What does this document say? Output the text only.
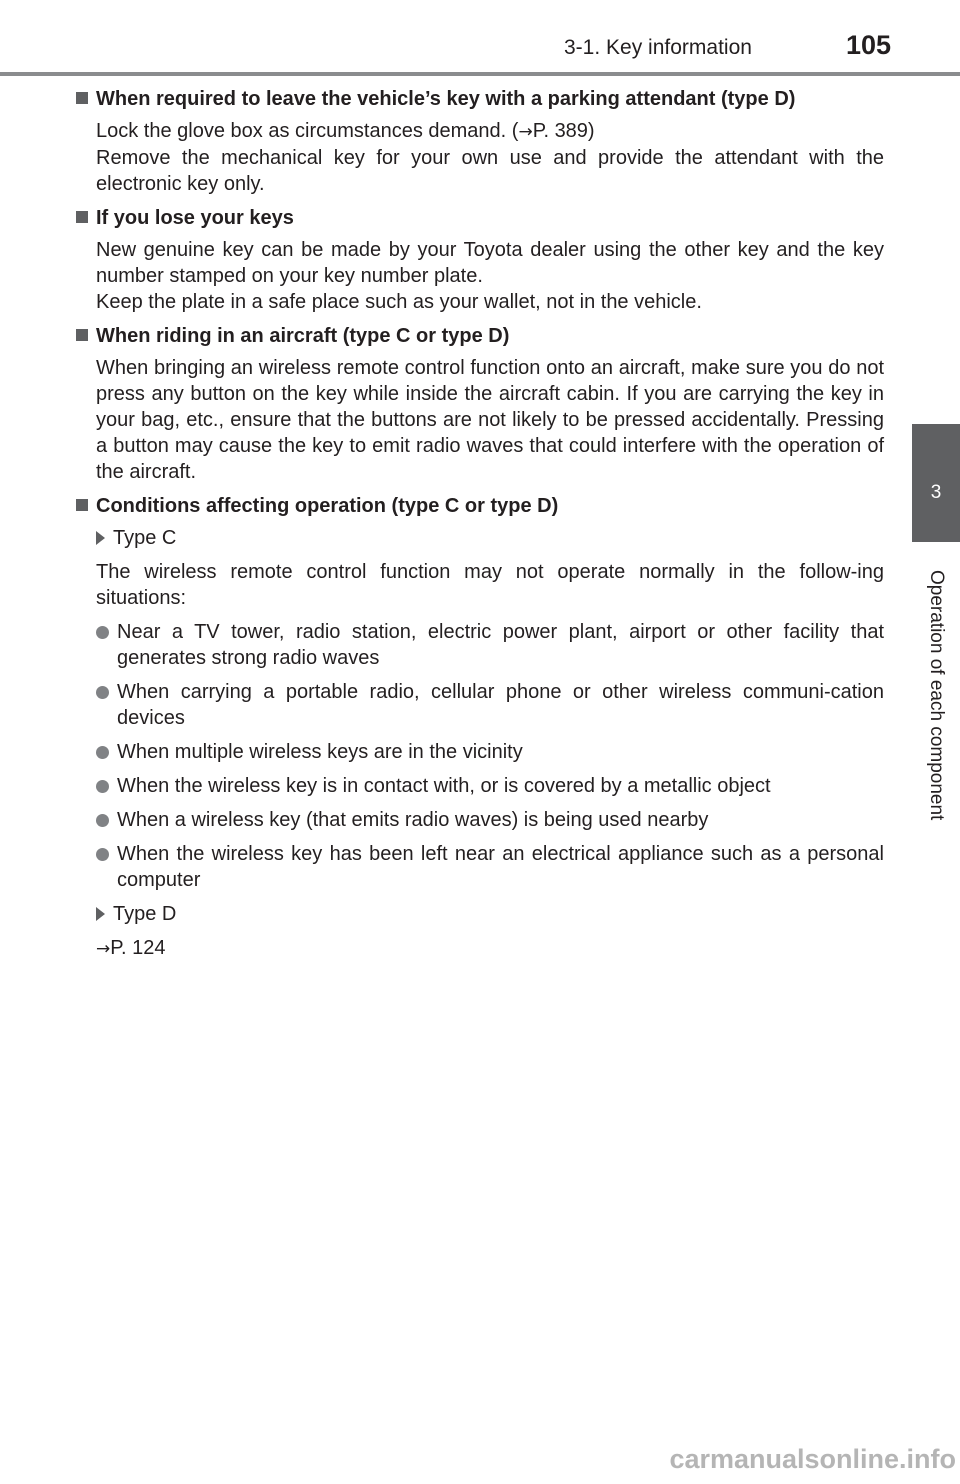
3-1. Key information	105
3
Operation of each component
When required to leave the vehicle’s key with a parking attendant (type D)

Lock the glove box as circumstances demand. (→P. 389)

Remove the mechanical key for your own use and provide the attendant with the electronic key only.

If you lose your keys

New genuine key can be made by your Toyota dealer using the other key and the key number stamped on your key number plate.

Keep the plate in a safe place such as your wallet, not in the vehicle.

When riding in an aircraft (type C or type D)

When bringing an wireless remote control function onto an aircraft, make sure you do not press any button on the key while inside the aircraft cabin. If you are carrying the key in your bag, etc., ensure that the buttons are not likely to be pressed accidentally. Pressing a button may cause the key to emit radio waves that could interfere with the operation of the aircraft.

Conditions affecting operation (type C or type D)
Type C
The wireless remote control function may not operate normally in the follow-ing situations:
Near a TV tower, radio station, electric power plant, airport or other facility that generates strong radio waves
When carrying a portable radio, cellular phone or other wireless communi-cation devices
When multiple wireless keys are in the vicinity
When the wireless key is in contact with, or is covered by a metallic object
When a wireless key (that emits radio waves) is being used nearby
When the wireless key has been left near an electrical appliance such as a personal computer
Type D
→P. 124
carmanualsonline.info
